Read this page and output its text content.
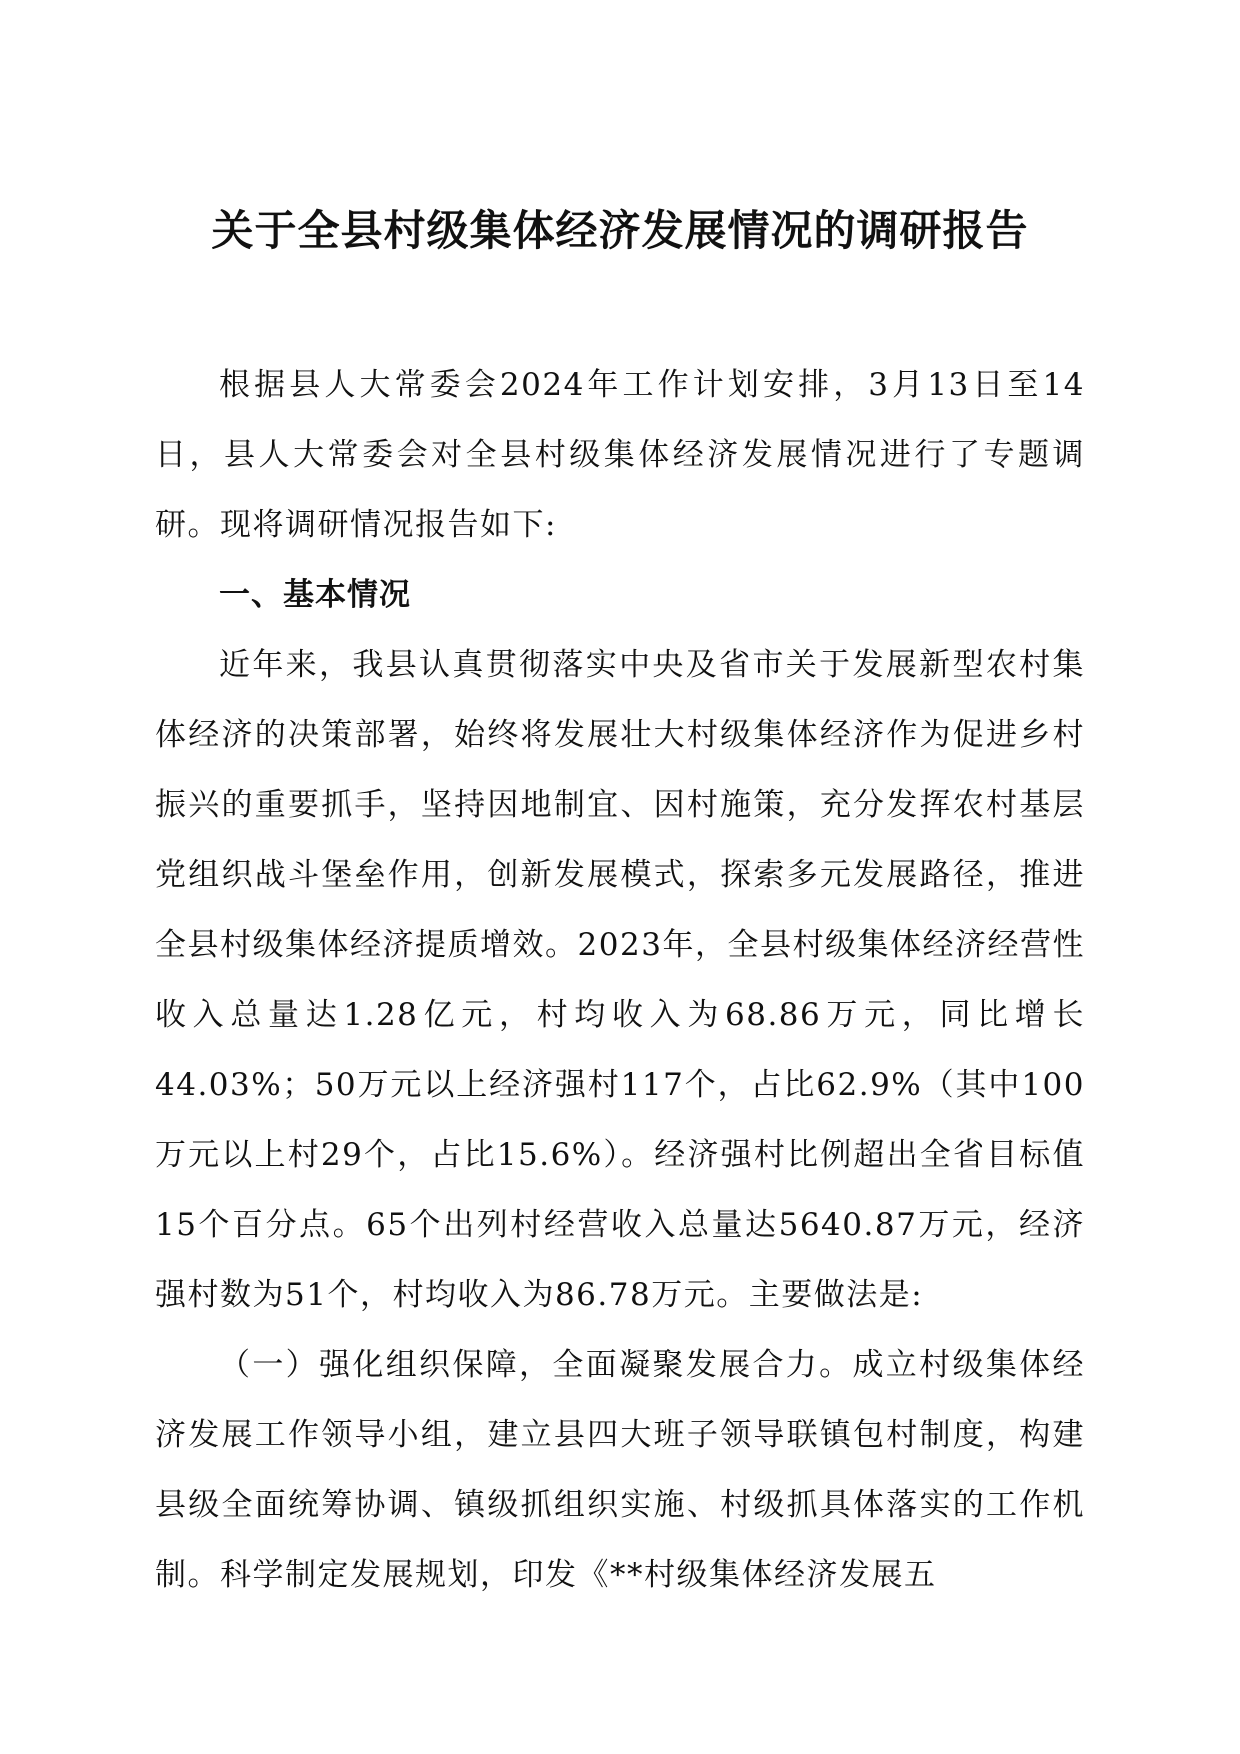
关于全县村级集体经济发展情况的调研报告

根据县人大常委会2024年工作计划安排，3月13日至14日，县人大常委会对全县村级集体经济发展情况进行了专题调研。现将调研情况报告如下:

一、基本情况

近年来，我县认真贯彻落实中央及省市关于发展新型农村集体经济的决策部署，始终将发展壮大村级集体经济作为促进乡村振兴的重要抓手，坚持因地制宜、因村施策，充分发挥农村基层党组织战斗堡垒作用，创新发展模式，探索多元发展路径，推进全县村级集体经济提质增效。2023年，全县村级集体经济经营性收入总量达1.28亿元，村均收入为68.86万元，同比增长44.03%；50万元以上经济强村117个，占比62.9%（其中100万元以上村29个，占比15.6%）。经济强村比例超出全省目标值15个百分点。65个出列村经营收入总量达5640.87万元，经济强村数为51个，村均收入为86.78万元。主要做法是:

（一）强化组织保障，全面凝聚发展合力。成立村级集体经济发展工作领导小组，建立县四大班子领导联镇包村制度，构建县级全面统筹协调、镇级抓组织实施、村级抓具体落实的工作机制。科学制定发展规划，印发《**村级集体经济发展五
